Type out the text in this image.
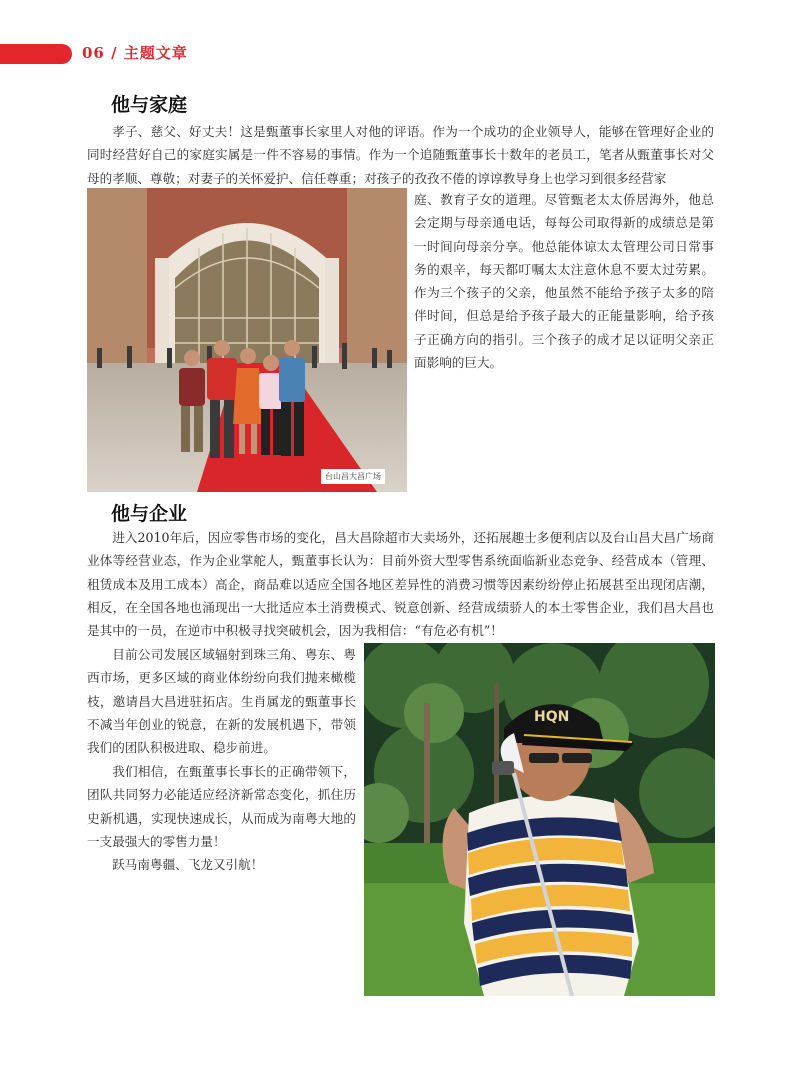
06 / 主题文章
他与家庭

孝子、慈父、好丈夫！这是甄董事长家里人对他的评语。作为一个成功的企业领导人，能够在管理好企业的同时经营好自己的家庭实属是一件不容易的事情。作为一个追随甄董事长十数年的老员工，笔者从甄董事长对父母的孝顺、尊敬；对妻子的关怀爱护、信任尊重；对孩子的孜孜不倦的谆谆教导身上也学习到很多经营家

台山昌大昌广场

庭、教育子女的道理。尽管甄老太太侨居海外，他总会定期与母亲通电话，每每公司取得新的成绩总是第一时间向母亲分享。他总能体谅太太管理公司日常事务的艰辛，每天都叮嘱太太注意休息不要太过劳累。作为三个孩子的父亲，他虽然不能给予孩子太多的陪伴时间，但总是给予孩子最大的正能量影响，给予孩子正确方向的指引。三个孩子的成才足以证明父亲正面影响的巨大。

他与企业

进入2010年后，因应零售市场的变化，昌大昌除超市大卖场外，还拓展趣士多便利店以及台山昌大昌广场商业体等经营业态，作为企业掌舵人，甄董事长认为：目前外资大型零售系统面临新业态竞争、经营成本（管理、租赁成本及用工成本）高企，商品难以适应全国各地区差异性的消费习惯等因素纷纷停止拓展甚至出现闭店潮，相反，在全国各地也涌现出一大批适应本土消费模式、锐意创新、经营成绩骄人的本土零售企业，我们昌大昌也是其中的一员，在逆市中积极寻找突破机会，因为我相信：“有危必有机”！

目前公司发展区域辐射到珠三角、粤东、粤西市场，更多区域的商业体纷纷向我们抛来橄榄枝，邀请昌大昌进驻拓店。生肖属龙的甄董事长不减当年创业的锐意，在新的发展机遇下，带领我们的团队积极进取、稳步前进。

我们相信，在甄董事长事长的正确带领下，团队共同努力必能适应经济新常态变化，抓住历史新机遇，实现快速成长，从而成为南粤大地的一支最强大的零售力量！

跃马南粤疆、飞龙又引航！

HQN
